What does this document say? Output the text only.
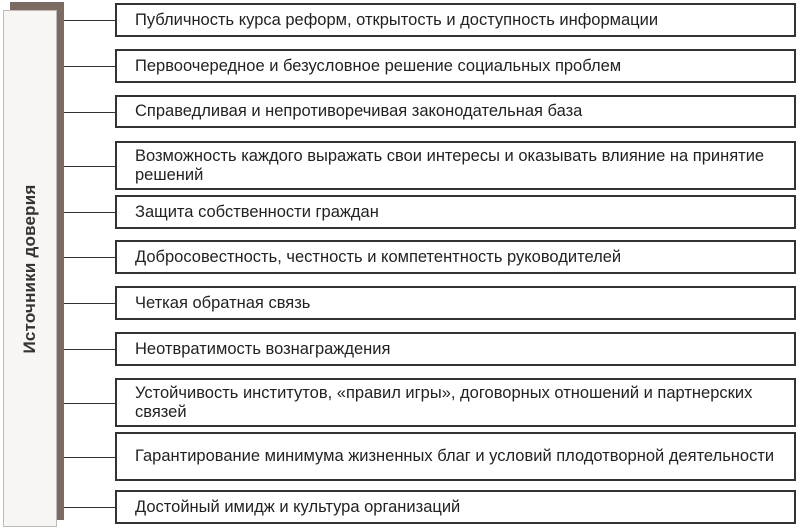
Источники доверия
Публичность курса реформ, открытость и доступность информации
Первоочередное и безусловное решение социальных проблем
Справедливая и непротиворечивая законодательная база
Возможность каждого выражать свои интересы и оказывать влияние на принятие решений
Защита собственности граждан
Добросовестность, честность и компетентность руководителей
Четкая обратная связь
Неотвратимость вознаграждения
Устойчивость институтов, «правил игры», договорных отношений и партнерских связей
Гарантирование минимума жизненных благ и условий плодотворной деятельности
Достойный имидж и культура организаций
